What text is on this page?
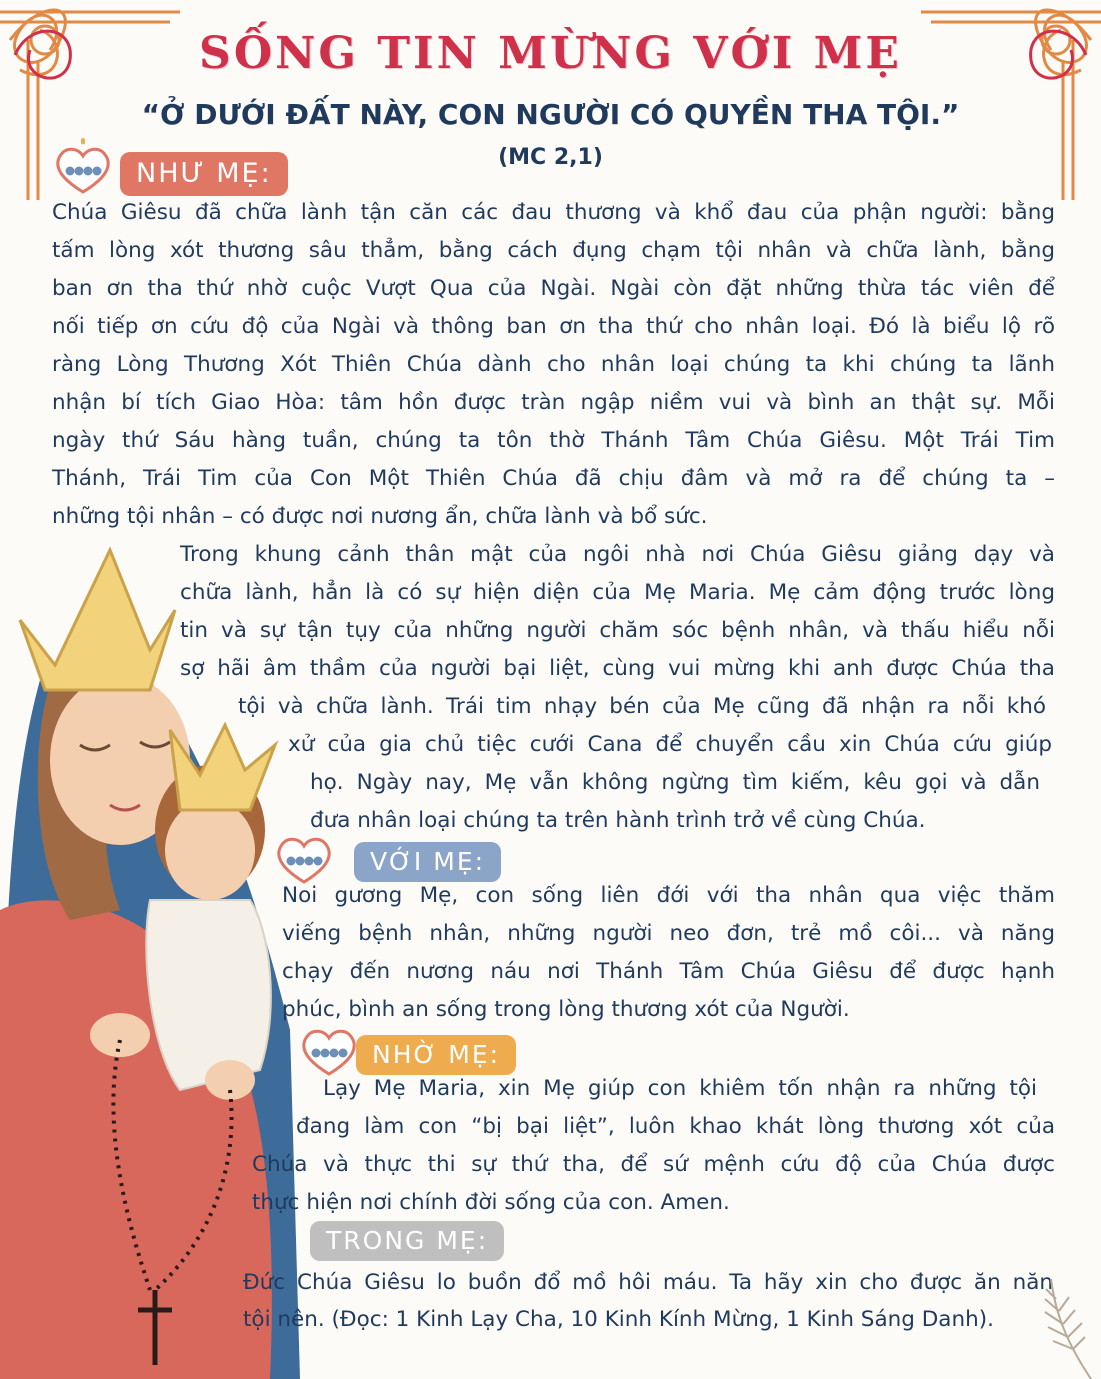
SỐNG TIN MỪNG VỚI MẸ
“Ở DƯỚI ĐẤT NÀY, CON NGƯỜI CÓ QUYỀN THA TỘI.”
(MC 2,1)
NHƯ MẸ:
VỚI MẸ:
NHỜ MẸ:
TRONG MẸ:
Chúa Giêsu đã chữa lành tận căn các đau thương và khổ đau của phận người: bằng
tấm lòng xót thương sâu thẳm, bằng cách đụng chạm tội nhân và chữa lành, bằng
ban ơn tha thứ nhờ cuộc Vượt Qua của Ngài. Ngài còn đặt những thừa tác viên để
nối tiếp ơn cứu độ của Ngài và thông ban ơn tha thứ cho nhân loại. Đó là biểu lộ rõ
ràng Lòng Thương Xót Thiên Chúa dành cho nhân loại chúng ta khi chúng ta lãnh
nhận bí tích Giao Hòa: tâm hồn được tràn ngập niềm vui và bình an thật sự. Mỗi
ngày thứ Sáu hàng tuần, chúng ta tôn thờ Thánh Tâm Chúa Giêsu. Một Trái Tim
Thánh, Trái Tim của Con Một Thiên Chúa đã chịu đâm và mở ra để chúng ta –
những tội nhân – có được nơi nương ẩn, chữa lành và bổ sức.
Trong khung cảnh thân mật của ngôi nhà nơi Chúa Giêsu giảng dạy và
chữa lành, hẳn là có sự hiện diện của Mẹ Maria. Mẹ cảm động trước lòng
tin và sự tận tụy của những người chăm sóc bệnh nhân, và thấu hiểu nỗi
sợ hãi âm thầm của người bại liệt, cùng vui mừng khi anh được Chúa tha
tội và chữa lành. Trái tim nhạy bén của Mẹ cũng đã nhận ra nỗi khó
xử của gia chủ tiệc cưới Cana để chuyển cầu xin Chúa cứu giúp
họ. Ngày nay, Mẹ vẫn không ngừng tìm kiếm, kêu gọi và dẫn
đưa nhân loại chúng ta trên hành trình trở về cùng Chúa.
Noi gương Mẹ, con sống liên đới với tha nhân qua việc thăm
viếng bệnh nhân, những người neo đơn, trẻ mồ côi... và năng
chạy đến nương náu nơi Thánh Tâm Chúa Giêsu để được hạnh
phúc, bình an sống trong lòng thương xót của Người.
Lạy Mẹ Maria, xin Mẹ giúp con khiêm tốn nhận ra những tội
đang làm con “bị bại liệt”, luôn khao khát lòng thương xót của
Chúa và thực thi sự thứ tha, để sứ mệnh cứu độ của Chúa được
thực hiện nơi chính đời sống của con. Amen.
Đức Chúa Giêsu lo buồn đổ mồ hôi máu. Ta hãy xin cho được ăn năn
tội nên. (Đọc: 1 Kinh Lạy Cha, 10 Kinh Kính Mừng, 1 Kinh Sáng Danh).
